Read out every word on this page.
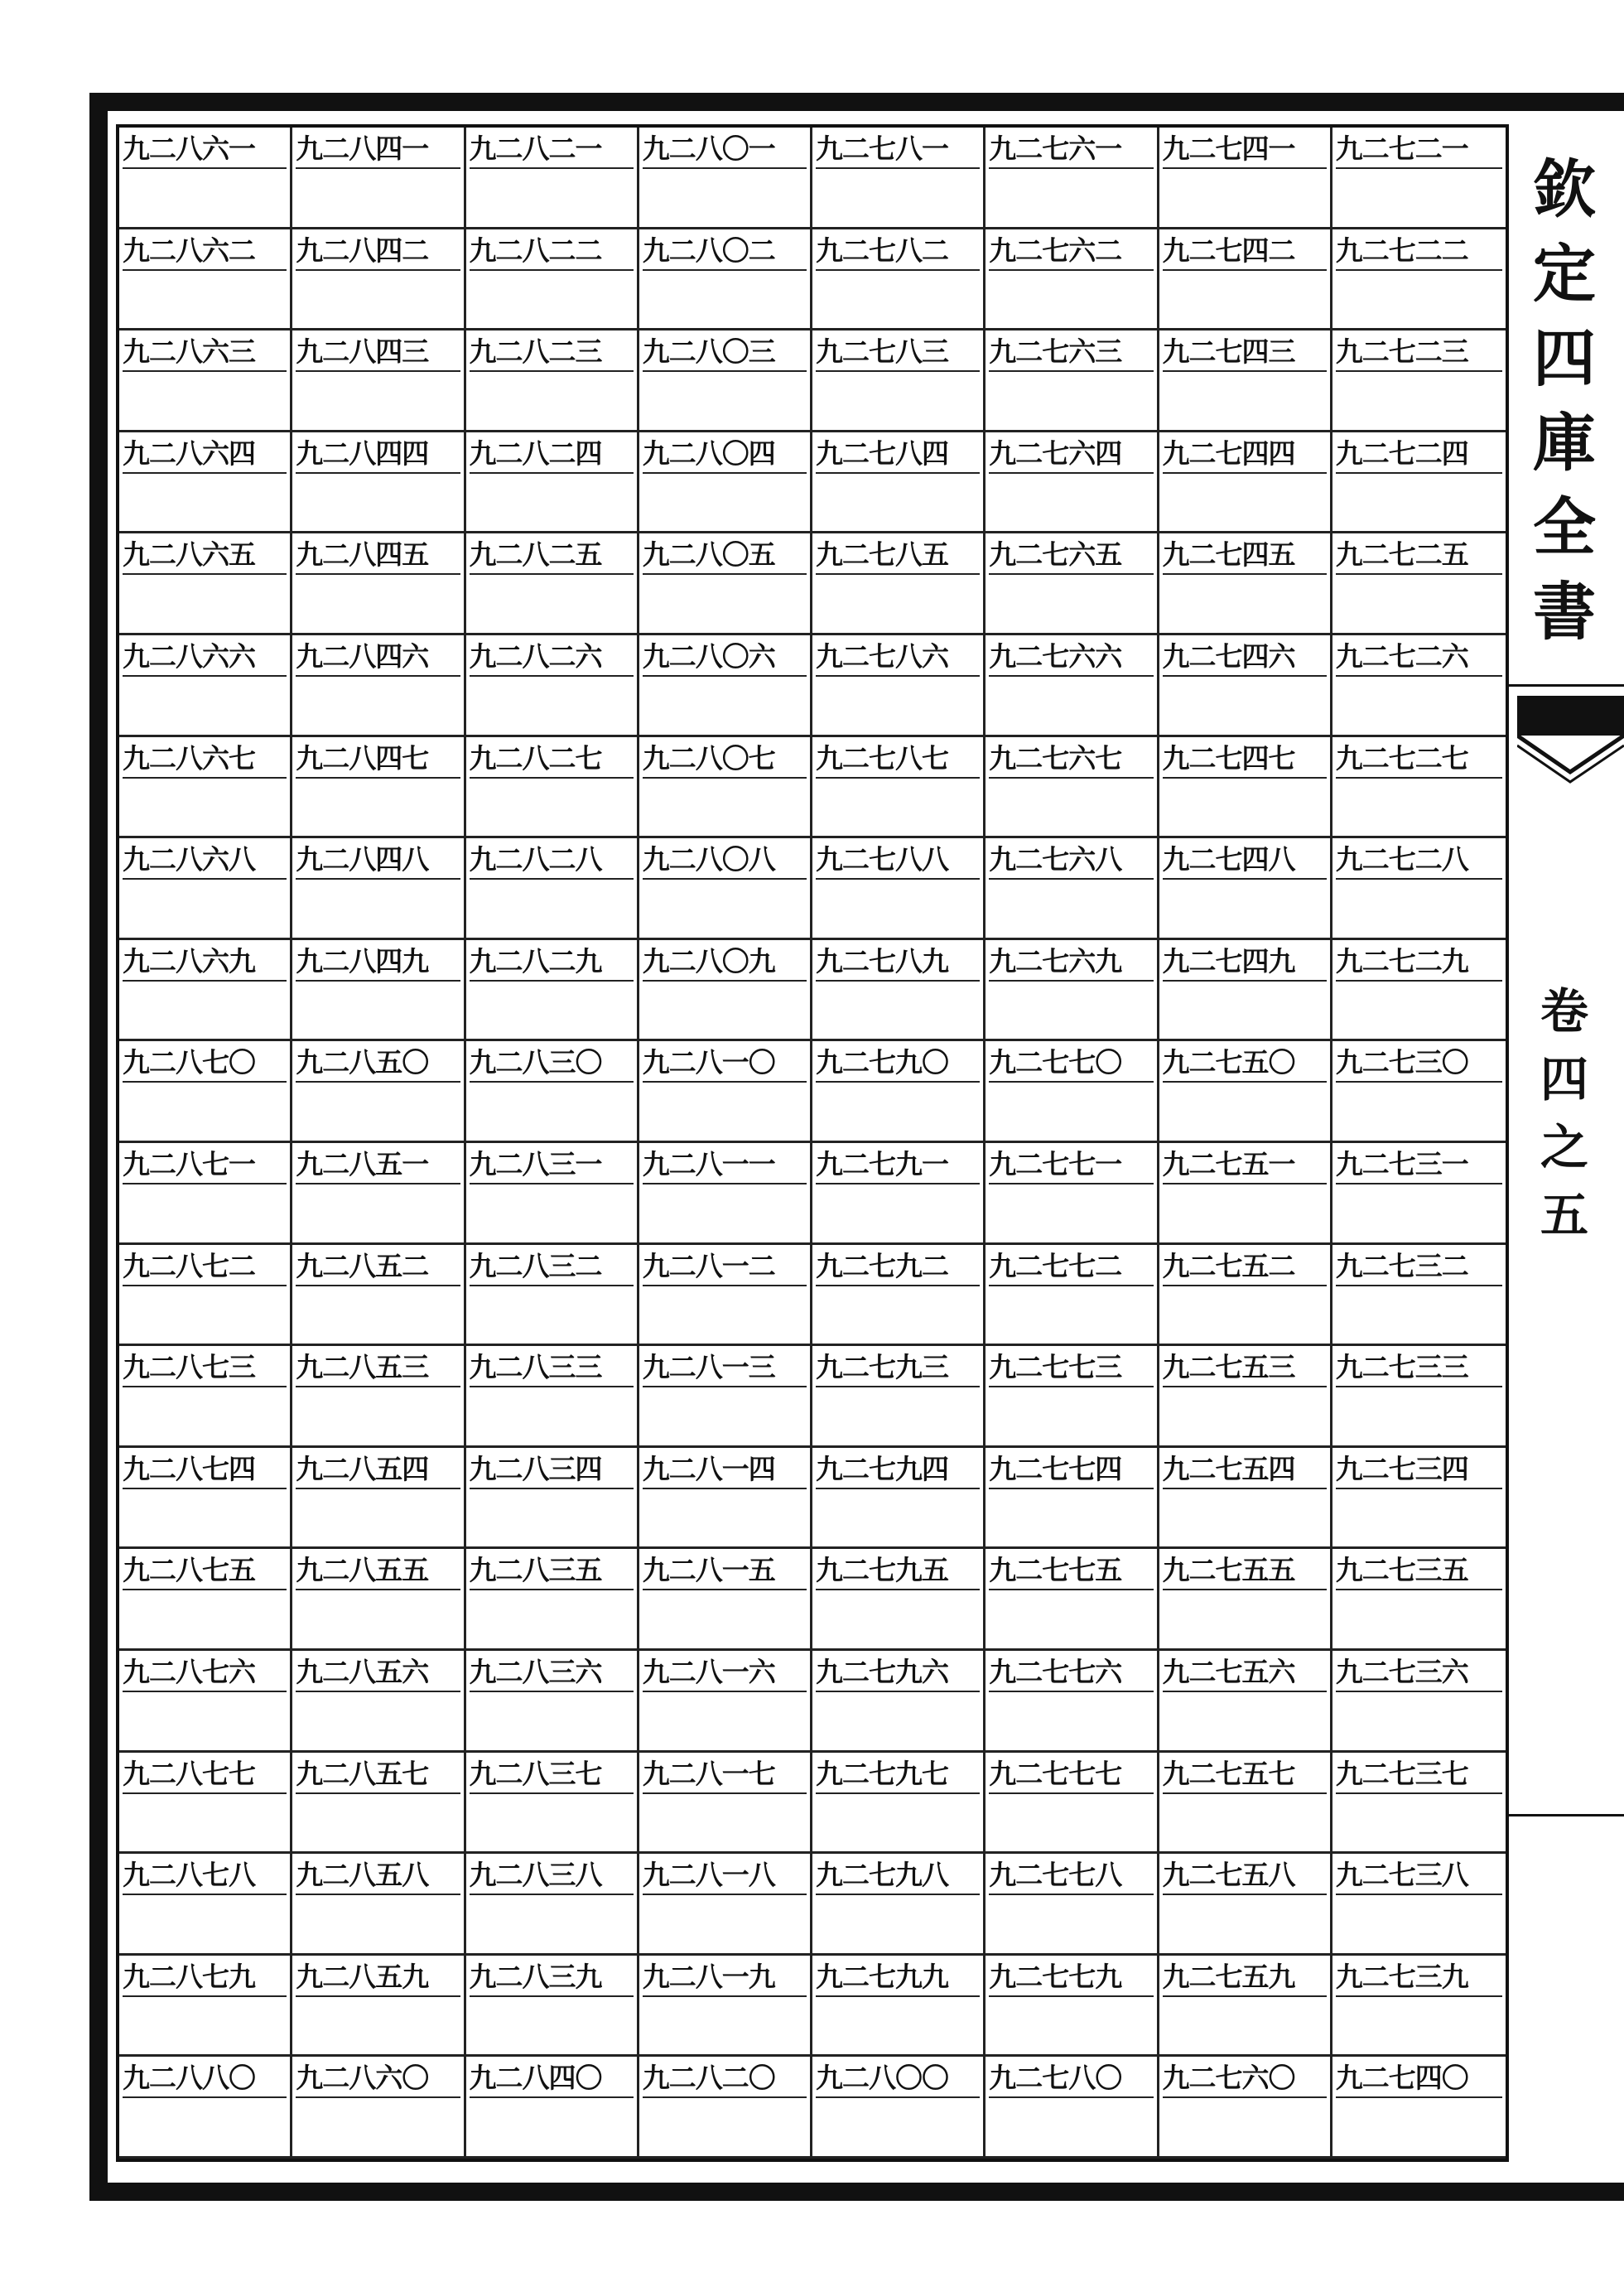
九二八六一	九二八四一	九二八二一	九二八〇一	九二七八一	九二七六一	九二七四一	九二七二一
九二八六二	九二八四二	九二八二二	九二八〇二	九二七八二	九二七六二	九二七四二	九二七二二
九二八六三	九二八四三	九二八二三	九二八〇三	九二七八三	九二七六三	九二七四三	九二七二三
九二八六四	九二八四四	九二八二四	九二八〇四	九二七八四	九二七六四	九二七四四	九二七二四
九二八六五	九二八四五	九二八二五	九二八〇五	九二七八五	九二七六五	九二七四五	九二七二五
九二八六六	九二八四六	九二八二六	九二八〇六	九二七八六	九二七六六	九二七四六	九二七二六
九二八六七	九二八四七	九二八二七	九二八〇七	九二七八七	九二七六七	九二七四七	九二七二七
九二八六八	九二八四八	九二八二八	九二八〇八	九二七八八	九二七六八	九二七四八	九二七二八
九二八六九	九二八四九	九二八二九	九二八〇九	九二七八九	九二七六九	九二七四九	九二七二九
九二八七〇	九二八五〇	九二八三〇	九二八一〇	九二七九〇	九二七七〇	九二七五〇	九二七三〇
九二八七一	九二八五一	九二八三一	九二八一一	九二七九一	九二七七一	九二七五一	九二七三一
九二八七二	九二八五二	九二八三二	九二八一二	九二七九二	九二七七二	九二七五二	九二七三二
九二八七三	九二八五三	九二八三三	九二八一三	九二七九三	九二七七三	九二七五三	九二七三三
九二八七四	九二八五四	九二八三四	九二八一四	九二七九四	九二七七四	九二七五四	九二七三四
九二八七五	九二八五五	九二八三五	九二八一五	九二七九五	九二七七五	九二七五五	九二七三五
九二八七六	九二八五六	九二八三六	九二八一六	九二七九六	九二七七六	九二七五六	九二七三六
九二八七七	九二八五七	九二八三七	九二八一七	九二七九七	九二七七七	九二七五七	九二七三七
九二八七八	九二八五八	九二八三八	九二八一八	九二七九八	九二七七八	九二七五八	九二七三八
九二八七九	九二八五九	九二八三九	九二八一九	九二七九九	九二七七九	九二七五九	九二七三九
九二八八〇	九二八六〇	九二八四〇	九二八二〇	九二八〇〇	九二七八〇	九二七六〇	九二七四〇
欽
定
四
庫
全
書
卷
四
之
五
